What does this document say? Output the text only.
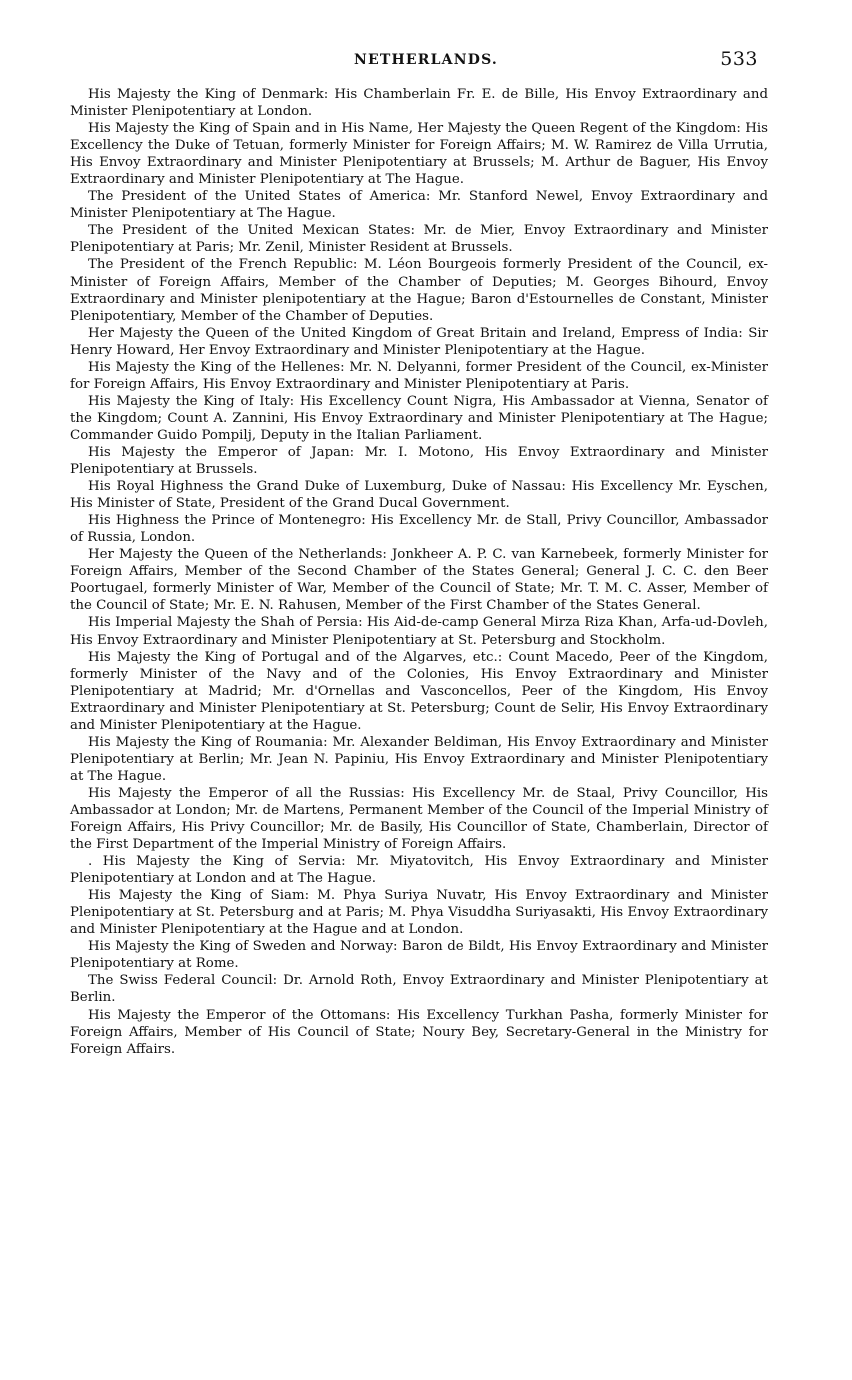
NETHERLANDS.	533

His Majesty the King of Denmark: His Chamberlain Fr. E. de Bille, His Envoy Extraordinary and Minister Plenipotentiary at London.

His Majesty the King of Spain and in His Name, Her Majesty the Queen Regent of the Kingdom: His Excellency the Duke of Tetuan, formerly Minister for Foreign Affairs; M. W. Ramirez de Villa Urrutia, His Envoy Extraordinary and Minister Plenipotentiary at Brussels; M. Arthur de Baguer, His Envoy Extraordinary and Minister Plenipotentiary at The Hague.

The President of the United States of America: Mr. Stanford Newel, Envoy Extraordinary and Minister Plenipotentiary at The Hague.

The President of the United Mexican States: Mr. de Mier, Envoy Extraordinary and Minister Plenipotentiary at Paris; Mr. Zenil, Minister Resident at Brussels.

The President of the French Republic: M. Léon Bourgeois formerly President of the Council, ex-Minister of Foreign Affairs, Member of the Chamber of Deputies; M. Georges Bihourd, Envoy Extraordinary and Minister plenipotentiary at the Hague; Baron d'Estournelles de Constant, Minister Plenipotentiary, Member of the Chamber of Deputies.

Her Majesty the Queen of the United Kingdom of Great Britain and Ireland, Empress of India: Sir Henry Howard, Her Envoy Extraordinary and Minister Plenipotentiary at the Hague.

His Majesty the King of the Hellenes: Mr. N. Delyanni, former President of the Council, ex-Minister for Foreign Affairs, His Envoy Extraordinary and Minister Plenipotentiary at Paris.

His Majesty the King of Italy: His Excellency Count Nigra, His Ambassador at Vienna, Senator of the Kingdom; Count A. Zannini, His Envoy Extraordinary and Minister Plenipotentiary at The Hague; Commander Guido Pompilj, Deputy in the Italian Parliament.

His Majesty the Emperor of Japan: Mr. I. Motono, His Envoy Extraordinary and Minister Plenipotentiary at Brussels.

His Royal Highness the Grand Duke of Luxemburg, Duke of Nassau: His Excellency Mr. Eyschen, His Minister of State, President of the Grand Ducal Government.

His Highness the Prince of Montenegro: His Excellency Mr. de Stall, Privy Councillor, Ambassador of Russia, London.

Her Majesty the Queen of the Netherlands: Jonkheer A. P. C. van Karnebeek, formerly Minister for Foreign Affairs, Member of the Second Chamber of the States General; General J. C. C. den Beer Poortugael, formerly Minister of War, Member of the Council of State; Mr. T. M. C. Asser, Member of the Council of State; Mr. E. N. Rahusen, Member of the First Chamber of the States General.

His Imperial Majesty the Shah of Persia: His Aid-de-camp General Mirza Riza Khan, Arfa-ud-Dovleh, His Envoy Extraordinary and Minister Plenipotentiary at St. Petersburg and Stockholm.

His Majesty the King of Portugal and of the Algarves, etc.: Count Macedo, Peer of the Kingdom, formerly Minister of the Navy and of the Colonies, His Envoy Extraordinary and Minister Plenipotentiary at Madrid; Mr. d'Ornellas and Vasconcellos, Peer of the Kingdom, His Envoy Extraordinary and Minister Plenipotentiary at St. Petersburg; Count de Selir, His Envoy Extraordinary and Minister Plenipotentiary at the Hague.

His Majesty the King of Roumania: Mr. Alexander Beldiman, His Envoy Extraordinary and Minister Plenipotentiary at Berlin; Mr. Jean N. Papiniu, His Envoy Extraordinary and Minister Plenipotentiary at The Hague.

His Majesty the Emperor of all the Russias: His Excellency Mr. de Staal, Privy Councillor, His Ambassador at London; Mr. de Martens, Permanent Member of the Council of the Imperial Ministry of Foreign Affairs, His Privy Councillor; Mr. de Basily, His Councillor of State, Chamberlain, Director of the First Department of the Imperial Ministry of Foreign Affairs.

. His Majesty the King of Servia: Mr. Miyatovitch, His Envoy Extraordinary and Minister Plenipotentiary at London and at The Hague.

His Majesty the King of Siam: M. Phya Suriya Nuvatr, His Envoy Extraordinary and Minister Plenipotentiary at St. Petersburg and at Paris; M. Phya Visuddha Suriyasakti, His Envoy Extraordinary and Minister Plenipotentiary at the Hague and at London.

His Majesty the King of Sweden and Norway: Baron de Bildt, His Envoy Extraordinary and Minister Plenipotentiary at Rome.

The Swiss Federal Council: Dr. Arnold Roth, Envoy Extraordinary and Minister Plenipotentiary at Berlin.

His Majesty the Emperor of the Ottomans: His Excellency Turkhan Pasha, formerly Minister for Foreign Affairs, Member of His Council of State; Noury Bey, Secretary-General in the Ministry for Foreign Affairs.
